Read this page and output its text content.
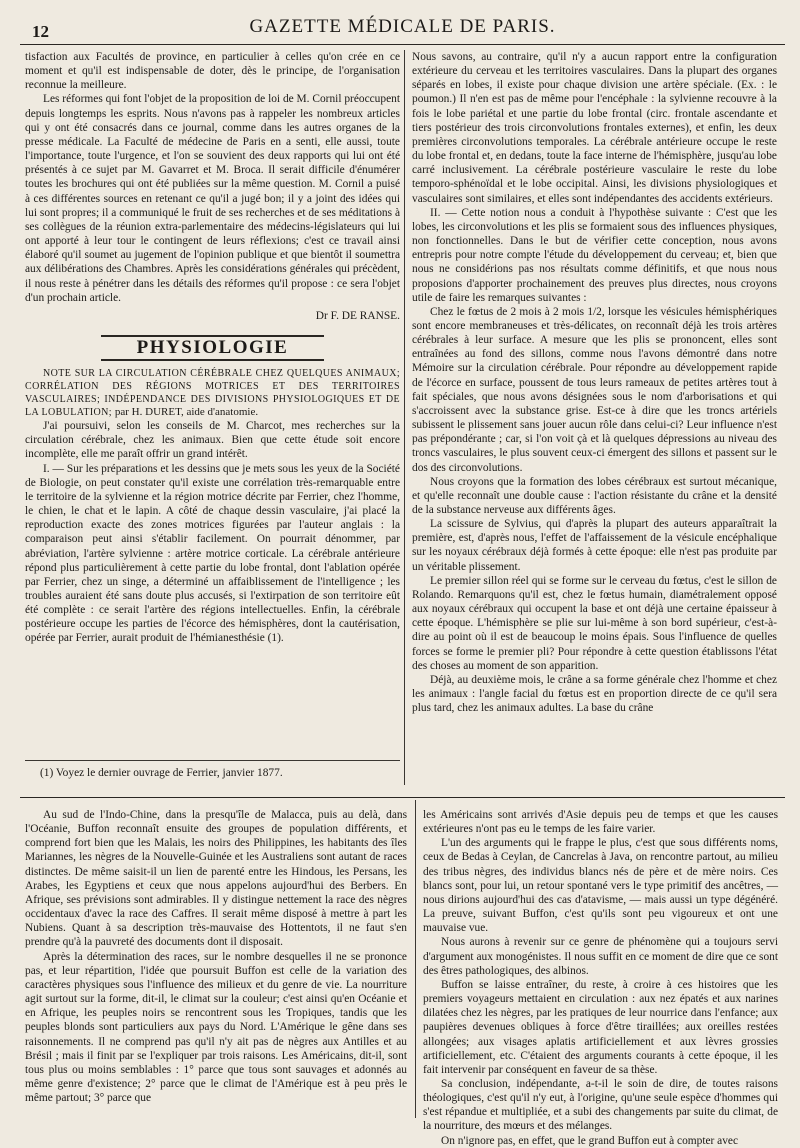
12	GAZETTE MÉDICALE DE PARIS.

tisfaction aux Facultés de province, en particulier à celles qu'on crée en ce moment et qu'il est indispensable de doter, dès le principe, de l'organisation reconnue la meilleure.

Les réformes qui font l'objet de la proposition de loi de M. Cornil préoccupent depuis longtemps les esprits. Nous n'avons pas à rappeler les nombreux articles qui y ont été consacrés dans ce journal, comme dans les autres organes de la presse médicale. La Faculté de médecine de Paris en a senti, elle aussi, toute l'importance, toute l'urgence, et l'on se souvient des deux rapports qui lui ont été présentés à ce sujet par M. Gavarret et M. Broca. Il serait difficile d'énumérer toutes les brochures qui ont été publiées sur la même question. M. Cornil a puisé à ces différentes sources en retenant ce qu'il a jugé bon; il y a joint des idées qui lui sont propres; il a communiqué le fruit de ses recherches et de ses méditations à ses collègues de la réunion extra-parlementaire des médecins-législateurs qui lui ont apporté à leur tour le contingent de leurs réflexions; c'est ce travail ainsi élaboré qu'il soumet au jugement de l'opinion publique et que bientôt il soumettra aux délibérations des Chambres. Après les considérations générales qui précèdent, il nous reste à pénétrer dans les détails des réformes qu'il propose : ce sera l'objet d'un prochain article.

Dr F. DE RANSE.

PHYSIOLOGIE

NOTE SUR LA CIRCULATION CÉRÉBRALE CHEZ QUELQUES ANIMAUX; CORRÉLATION DES RÉGIONS MOTRICES ET DES TERRITOIRES VASCULAIRES; INDÉPENDANCE DES DIVISIONS PHYSIOLOGIQUES ET DE LA LOBULATION; par H. DURET, aide d'anatomie.

J'ai poursuivi, selon les conseils de M. Charcot, mes recherches sur la circulation cérébrale, chez les animaux. Bien que cette étude soit encore incomplète, elle me paraît offrir un grand intérêt.

I. — Sur les préparations et les dessins que je mets sous les yeux de la Société de Biologie, on peut constater qu'il existe une corrélation très-remarquable entre le territoire de la sylvienne et la région motrice décrite par Ferrier, chez l'homme, le chien, le chat et le lapin. A côté de chaque dessin vasculaire, j'ai placé la reproduction exacte des zones motrices figurées par l'auteur anglais : la comparaison peut ainsi s'établir facilement. On pourrait dénommer, par abréviation, l'artère sylvienne : artère motrice corticale. La cérébrale antérieure répond plus particulièrement à cette partie du lobe frontal, dont l'ablation opérée par Ferrier, chez un singe, a déterminé un affaiblissement de l'intelligence ; les troubles auraient été sans doute plus accusés, si l'extirpation de son territoire eût été complète : ce serait l'artère des régions intellectuelles. Enfin, la cérébrale postérieure occupe les parties de l'écorce des hémisphères, dont la cautérisation, opérée par Ferrier, aurait produit de l'hémianesthésie (1).

(1) Voyez le dernier ouvrage de Ferrier, janvier 1877.

Nous savons, au contraire, qu'il n'y a aucun rapport entre la configuration extérieure du cerveau et les territoires vasculaires. Dans la plupart des organes séparés en lobes, il existe pour chaque division une artère spéciale. (Ex. : le poumon.) Il n'en est pas de même pour l'encéphale : la sylvienne recouvre à la fois le lobe pariétal et une partie du lobe frontal (circ. frontale ascendante et tiers postérieur des trois circonvolutions frontales externes), et enfin, les deux premières circonvolutions temporales. La cérébrale antérieure occupe le reste du lobe frontal et, en dedans, toute la face interne de l'hémisphère, jusqu'au lobe carré inclusivement. La cérébrale postérieure vasculaire le reste du lobe temporo-sphénoïdal et le lobe occipital. Ainsi, les divisions physiologiques et vasculaires sont similaires, et elles sont indépendantes des accidents extérieurs.

II. — Cette notion nous a conduit à l'hypothèse suivante : C'est que les lobes, les circonvolutions et les plis se formaient sous des influences physiques, non fonctionnelles. Dans le but de vérifier cette conception, nous avons entrepris pour notre compte l'étude du développement du cerveau; et, bien que nous ne considérions pas nos résultats comme définitifs, et que nous nous proposions d'apporter prochainement des preuves plus directes, nous croyons utile de faire les remarques suivantes :

Chez le fœtus de 2 mois à 2 mois 1/2, lorsque les vésicules hémisphériques sont encore membraneuses et très-délicates, on reconnaît déjà les trois artères cérébrales à leur surface. A mesure que les plis se prononcent, elles sont entraînées au fond des sillons, comme nous l'avons démontré dans notre Mémoire sur la circulation cérébrale. Pour répondre au développement rapide de l'écorce en surface, poussent de tous leurs rameaux de petites artères tout à fait spéciales, que nous avons désignées sous le nom d'arborisations et qui s'accroissent avec la substance grise. Est-ce à dire que les troncs artériels subissent le plissement sans jouer aucun rôle dans celui-ci? Leur influence n'est pas prépondérante ; car, si l'on voit çà et là quelques dépressions au niveau des troncs vasculaires, le plus souvent ceux-ci émergent des sillons et passent sur le dos des circonvolutions.

Nous croyons que la formation des lobes cérébraux est surtout mécanique, et qu'elle reconnaît une double cause : l'action résistante du crâne et la densité de la substance nerveuse aux différents âges.

La scissure de Sylvius, qui d'après la plupart des auteurs apparaîtrait la première, est, d'après nous, l'effet de l'affaissement de la vésicule encéphalique sur les noyaux cérébraux déjà formés à cette époque: elle n'est pas produite par un véritable plissement.

Le premier sillon réel qui se forme sur le cerveau du fœtus, c'est le sillon de Rolando. Remarquons qu'il est, chez le fœtus humain, diamétralement opposé aux noyaux cérébraux qui occupent la base et ont déjà une certaine épaisseur à cette époque. L'hémisphère se plie sur lui-même à son bord supérieur, c'est-à-dire au point où il est de beaucoup le moins épais. Sous l'influence de quelles forces se forme le premier pli? Pour répondre à cette question établissons l'état des choses au moment de son apparition.

Déjà, au deuxième mois, le crâne a sa forme générale chez l'homme et chez les animaux : l'angle facial du fœtus est en proportion directe de ce qu'il sera plus tard, chez les animaux adultes. La base du crâne

Au sud de l'Indo-Chine, dans la presqu'île de Malacca, puis au delà, dans l'Océanie, Buffon reconnaît ensuite des groupes de population différents, et comprend fort bien que les Malais, les noirs des Philippines, les habitants des îles Mariannes, les nègres de la Nouvelle-Guinée et les Australiens sont autant de races distinctes. De même saisit-il un lien de parenté entre les Hindous, les Persans, les Arabes, les Egyptiens et ceux que nous appelons aujourd'hui des Berbers. En Afrique, ses prévisions sont admirables. Il y distingue nettement la race des nègres occidentaux d'avec la race des Caffres. Il serait même disposé à mettre à part les Nubiens. Quant à sa description très-mauvaise des Hottentots, il ne faut s'en prendre qu'à la pauvreté des documents dont il disposait.

Après la détermination des races, sur le nombre desquelles il ne se prononce pas, et leur répartition, l'idée que poursuit Buffon est celle de la variation des caractères physiques sous l'influence des milieux et du genre de vie. La nourriture agit surtout sur la forme, dit-il, le climat sur la couleur; c'est ainsi qu'en Océanie et en Afrique, les peuples noirs se rencontrent sous les Tropiques, tandis que les peuples blonds sont particuliers aux pays du Nord. L'Amérique le gêne dans ses raisonnements. Il ne comprend pas qu'il n'y ait pas de nègres aux Antilles et au Brésil ; mais il finit par se l'expliquer par trois raisons. Les Américains, dit-il, sont tous plus ou moins semblables : 1° parce que tous sont sauvages et adonnés au même genre d'existence; 2° parce que le climat de l'Amérique est à peu près le même partout; 3° parce que

les Américains sont arrivés d'Asie depuis peu de temps et que les causes extérieures n'ont pas eu le temps de les faire varier.

L'un des arguments qui le frappe le plus, c'est que sous différents noms, ceux de Bedas à Ceylan, de Cancrelas à Java, on rencontre partout, au milieu des tribus nègres, des individus blancs nés de père et de mère noirs. Ces blancs sont, pour lui, un retour spontané vers le type primitif des ancêtres, — nous dirions aujourd'hui des cas d'atavisme, — mais aussi un type dégénéré. La preuve, suivant Buffon, c'est qu'ils sont peu vigoureux et ont une mauvaise vue.

Nous aurons à revenir sur ce genre de phénomène qui a toujours servi d'argument aux monogénistes. Il nous suffit en ce moment de dire que ce sont des êtres pathologiques, des albinos.

Buffon se laisse entraîner, du reste, à croire à ces histoires que les premiers voyageurs mettaient en circulation : aux nez épatés et aux narines dilatées chez les nègres, par les pratiques de leur nourrice dans l'enfance; aux paupières devenues obliques à force d'être tiraillées; aux oreilles restées allongées; aux visages aplatis artificiellement et aux lèvres grossies artificiellement, etc. C'étaient des arguments courants à cette époque, il les fait intervenir par conséquent en faveur de sa thèse.

Sa conclusion, indépendante, a-t-il le soin de dire, de toutes raisons théologiques, c'est qu'il n'y eut, à l'origine, qu'une seule espèce d'hommes qui s'est répandue et multipliée, et a subi des changements par suite du climat, de la nourriture, des mœurs et des mélanges.

On n'ignore pas, en effet, que le grand Buffon eut à compter avec
